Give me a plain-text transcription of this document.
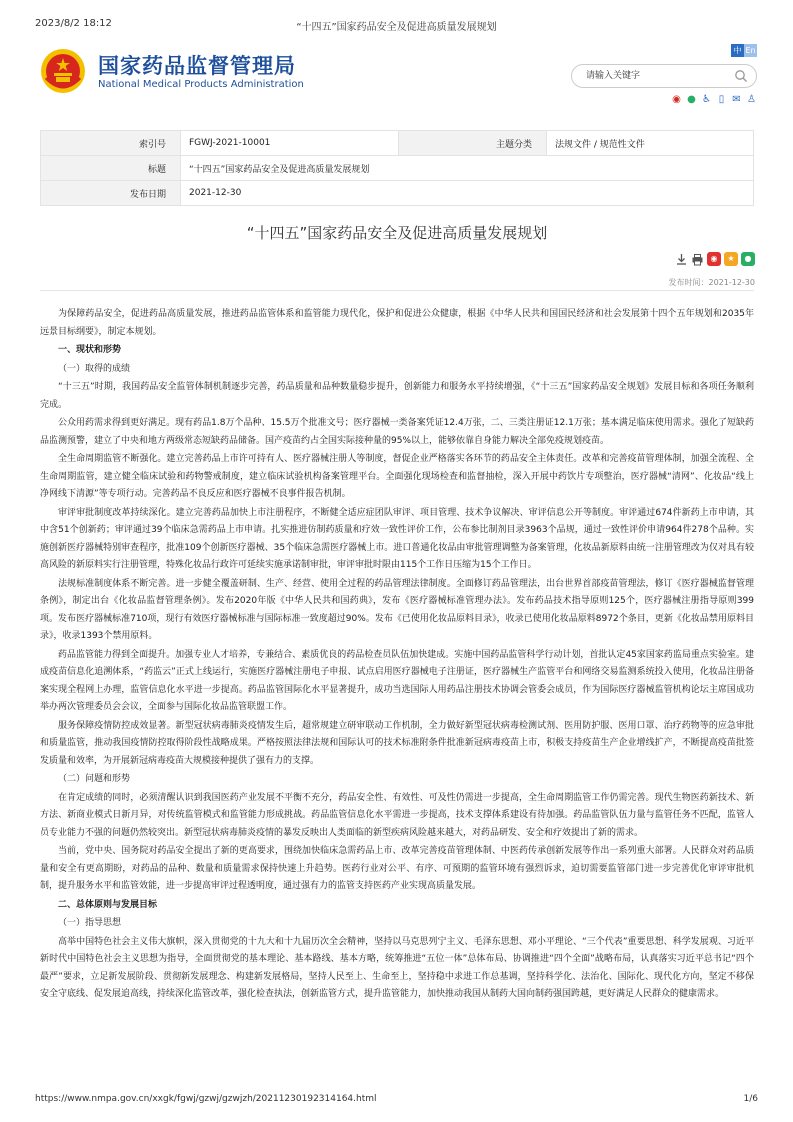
2023/8/2 18:12	“十四五”国家药品安全及促进高质量发展规划
国家药品监督管理局
National Medical Products Administration
中 En
请输入关键字
◉ ● ♿ ▯ ✉ ♙
索引号	FGWJ-2021-10001	主题分类	法规文件 / 规范性文件
标题	“十四五”国家药品安全及促进高质量发展规划		
发布日期	2021-12-30		
“十四五”国家药品安全及促进高质量发展规划
◉	★	●
发布时间：2021-12-30

为保障药品安全，促进药品高质量发展，推进药品监管体系和监管能力现代化，保护和促进公众健康，根据《中华人民共和国国民经济和社会发展第十四个五年规划和2035年远景目标纲要》，制定本规划。

一、现状和形势

（一）取得的成绩

“十三五”时期，我国药品安全监管体制机制逐步完善，药品质量和品种数量稳步提升，创新能力和服务水平持续增强，《“十三五”国家药品安全规划》发展目标和各项任务顺利完成。

公众用药需求得到更好满足。现有药品1.8万个品种、15.5万个批准文号；医疗器械一类备案凭证12.4万张，二、三类注册证12.1万张；基本满足临床使用需求。强化了短缺药品监测预警，建立了中央和地方两级常态短缺药品储备。国产疫苗约占全国实际接种量的95%以上，能够依靠自身能力解决全部免疫规划疫苗。

全生命周期监管不断强化。建立完善药品上市许可持有人、医疗器械注册人等制度，督促企业严格落实各环节的药品安全主体责任。改革和完善疫苗管理体制，加强全流程、全生命周期监管，建立健全临床试验和药物警戒制度，建立临床试验机构备案管理平台。全面强化现场检查和监督抽检，深入开展中药饮片专项整治，医疗器械“清网”、化妆品“线上净网线下清源”等专项行动。完善药品不良反应和医疗器械不良事件报告机制。

审评审批制度改革持续深化。建立完善药品加快上市注册程序，不断健全适应症团队审评、项目管理、技术争议解决、审评信息公开等制度。审评通过674件新药上市申请，其中含51个创新药；审评通过39个临床急需药品上市申请。扎实推进仿制药质量和疗效一致性评价工作，公布参比制剂目录3963个品规，通过一致性评价申请964件278个品种。实施创新医疗器械特别审查程序，批准109个创新医疗器械、35个临床急需医疗器械上市。进口普通化妆品由审批管理调整为备案管理，化妆品新原料由统一注册管理改为仅对具有较高风险的新原料实行注册管理，特殊化妆品行政许可延续实施承诺制审批，审评审批时限由115个工作日压缩为15个工作日。

法规标准制度体系不断完善。进一步健全覆盖研制、生产、经营、使用全过程的药品管理法律制度。全面修订药品管理法，出台世界首部疫苗管理法，修订《医疗器械监督管理条例》，制定出台《化妆品监督管理条例》。发布2020年版《中华人民共和国药典》，发布《医疗器械标准管理办法》。发布药品技术指导原则125个，医疗器械注册指导原则399项。发布医疗器械标准710项，现行有效医疗器械标准与国际标准一致度超过90%。发布《已使用化妆品原料目录》，收录已使用化妆品原料8972个条目，更新《化妆品禁用原料目录》，收录1393个禁用原料。

药品监管能力得到全面提升。加强专业人才培养，专兼结合、素质优良的药品检查员队伍加快建成。实施中国药品监管科学行动计划，首批认定45家国家药监局重点实验室。建成疫苗信息化追溯体系，“药监云”正式上线运行，实施医疗器械注册电子申报、试点启用医疗器械电子注册证，医疗器械生产监管平台和网络交易监测系统投入使用，化妆品注册备案实现全程网上办理，监管信息化水平进一步提高。药品监管国际化水平显著提升，成功当选国际人用药品注册技术协调会管委会成员，作为国际医疗器械监管机构论坛主席国成功举办两次管理委员会会议，全面参与国际化妆品监管联盟工作。

服务保障疫情防控成效显著。新型冠状病毒肺炎疫情发生后，超常规建立研审联动工作机制，全力做好新型冠状病毒检测试剂、医用防护服、医用口罩、治疗药物等的应急审批和质量监管，推动我国疫情防控取得阶段性战略成果。严格按照法律法规和国际认可的技术标准附条件批准新冠病毒疫苗上市，积极支持疫苗生产企业增线扩产，不断提高疫苗批签发质量和效率，为开展新冠病毒疫苗大规模接种提供了强有力的支撑。

（二）问题和形势

在肯定成绩的同时，必须清醒认识到我国医药产业发展不平衡不充分，药品安全性、有效性、可及性仍需进一步提高，全生命周期监管工作仍需完善。现代生物医药新技术、新方法、新商业模式日新月异，对传统监管模式和监管能力形成挑战。药品监管信息化水平需进一步提高，技术支撑体系建设有待加强。药品监管队伍力量与监管任务不匹配，监管人员专业能力不强的问题仍然较突出。新型冠状病毒肺炎疫情的暴发反映出人类面临的新型疾病风险越来越大，对药品研发、安全和疗效提出了新的需求。

当前，党中央、国务院对药品安全提出了新的更高要求，围绕加快临床急需药品上市、改革完善疫苗管理体制、中医药传承创新发展等作出一系列重大部署。人民群众对药品质量和安全有更高期盼，对药品的品种、数量和质量需求保持快速上升趋势。医药行业对公平、有序、可预期的监管环境有强烈诉求，迫切需要监管部门进一步完善优化审评审批机制，提升服务水平和监管效能，进一步提高审评过程透明度，通过强有力的监管支持医药产业实现高质量发展。

二、总体原则与发展目标

（一）指导思想

高举中国特色社会主义伟大旗帜，深入贯彻党的十九大和十九届历次全会精神，坚持以马克思列宁主义、毛泽东思想、邓小平理论、“三个代表”重要思想、科学发展观、习近平新时代中国特色社会主义思想为指导，全面贯彻党的基本理论、基本路线、基本方略，统筹推进“五位一体”总体布局、协调推进“四个全面”战略布局，认真落实习近平总书记“四个最严”要求，立足新发展阶段、贯彻新发展理念、构建新发展格局，坚持人民至上、生命至上，坚持稳中求进工作总基调，坚持科学化、法治化、国际化、现代化方向，坚定不移保安全守底线、促发展追高线，持续深化监管改革，强化检查执法，创新监管方式，提升监管能力，加快推动我国从制药大国向制药强国跨越，更好满足人民群众的健康需求。

https://www.nmpa.gov.cn/xxgk/fgwj/gzwj/gzwjzh/20211230192314164.html	1/6
